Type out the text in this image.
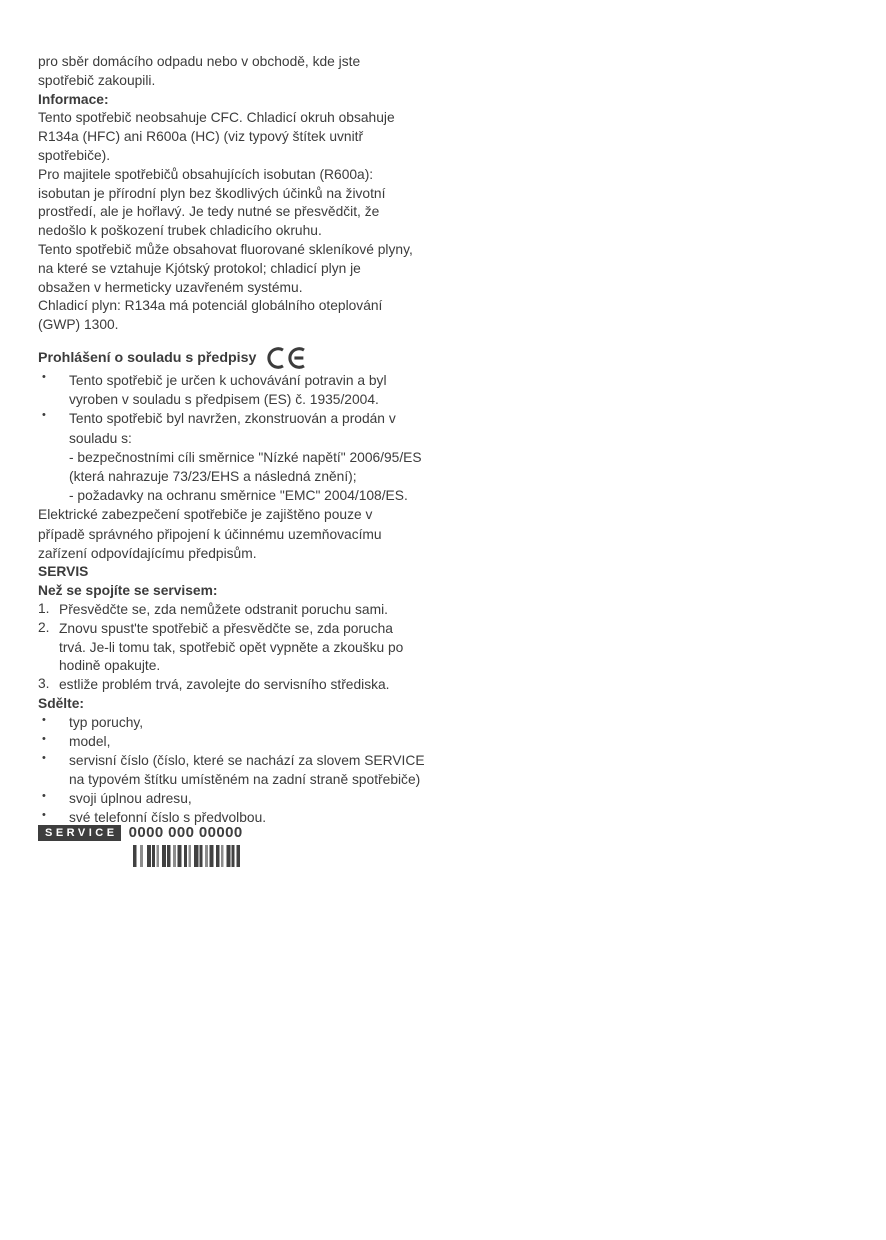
pro sběr domácího odpadu nebo v obchodě, kde jste
spotřebič zakoupili.
Informace:
Tento spotřebič neobsahuje CFC. Chladicí okruh obsahuje
R134a (HFC) ani R600a (HC) (viz typový štítek uvnitř
spotřebiče).
Pro majitele spotřebičů obsahujících isobutan (R600a):
isobutan je přírodní plyn bez škodlivých účinků na životní
prostředí, ale je hořlavý. Je tedy nutné se přesvědčit, že
nedošlo k poškození trubek chladicího okruhu.
Tento spotřebič může obsahovat fluorované skleníkové plyny,
na které se vztahuje Kjótský protokol; chladicí plyn je
obsažen v hermeticky uzavřeném systému.
Chladicí plyn: R134a má potenciál globálního oteplování
(GWP) 1300.
Prohlášení o souladu s předpisy
•	Tento spotřebič je určen k uchovávání potravin a byl
vyroben v souladu s předpisem (ES) č. 1935/2004.
•	Tento spotřebič byl navržen, zkonstruován a prodán v
souladu s:
- bezpečnostními cíli směrnice "Nízké napětí" 2006/95/ES
(která nahrazuje 73/23/EHS a následná znění);
- požadavky na ochranu směrnice "EMC" 2004/108/ES.
Elektrické zabezpečení spotřebiče je zajištěno pouze v
případě správného připojení k účinnému uzemňovacímu
zařízení odpovídajícímu předpisům.
SERVIS
Než se spojíte se servisem:
1. Přesvědčte se, zda nemůžete odstranit poruchu sami.
2. Znovu spust'te spotřebič a přesvědčte se, zda porucha
trvá. Je-li tomu tak, spotřebič opět vypněte a zkoušku po
hodině opakujte.
3. estliže problém trvá, zavolejte do servisního střediska.
Sdělte:
•	typ poruchy,
•	model,
•	servisní číslo (číslo, které se nachází za slovem SERVICE
na typovém štítku umístěném na zadní straně spotřebiče)
•	svoji úplnou adresu,
•	své telefonní číslo s předvolbou.
SERVICE 0000 000 00000
